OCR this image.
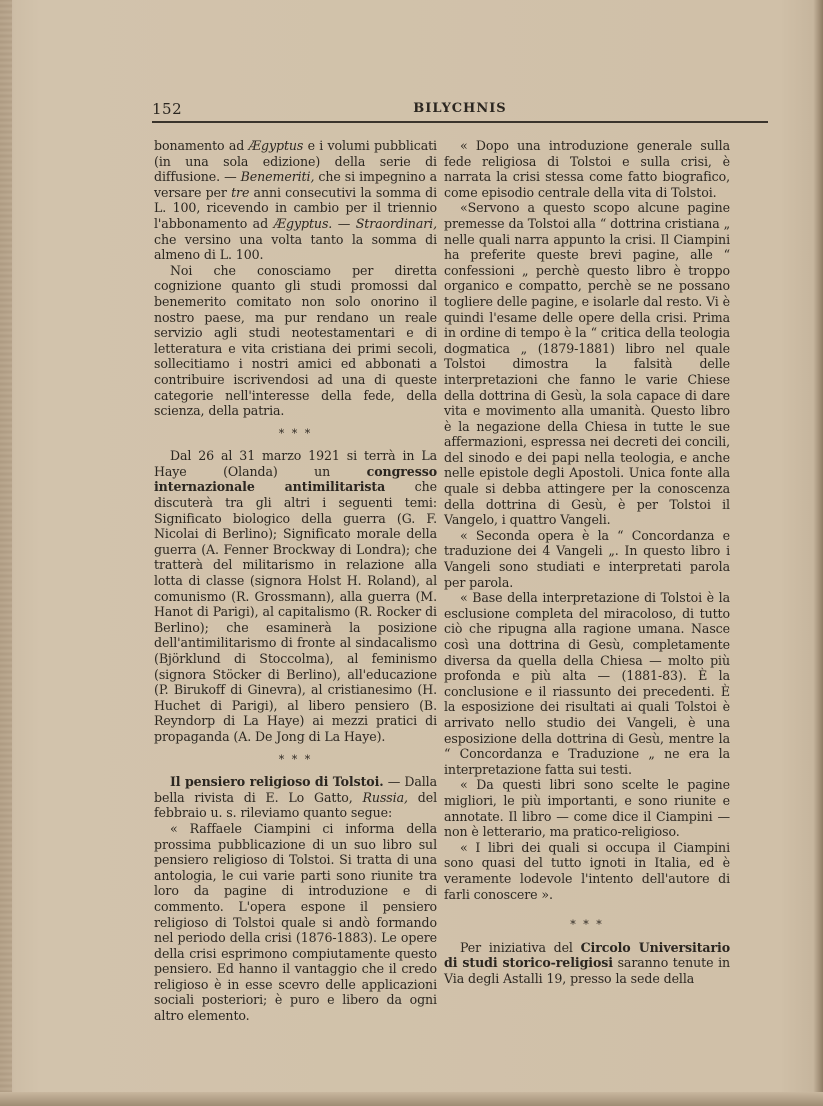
152	BILYCHNIS

bonamento ad Ægyptus e i volumi pubblicati (in una sola edizione) della serie di diffusione. — Benemeriti, che si impegnino a versare per tre anni consecutivi la somma di L. 100, ricevendo in cambio per il triennio l'abbonamento ad Ægyptus. — Straordinari, che versino una volta tanto la somma di almeno di L. 100.

Noi che conosciamo per diretta cognizione quanto gli studi promossi dal benemerito comitato non solo onorino il nostro paese, ma pur rendano un reale servizio agli studi neotestamentari e di letteratura e vita cristiana dei primi secoli, sollecitiamo i nostri amici ed abbonati a contribuire iscrivendosi ad una di queste categorie nell'interesse della fede, della scienza, della patria.

* * *

Dal 26 al 31 marzo 1921 si terrà in La Haye (Olanda) un congresso internazionale antimilitarista che discuterà tra gli altri i seguenti temi: Significato biologico della guerra (G. F. Nicolai di Berlino); Significato morale della guerra (A. Fenner Brockway di Londra); che tratterà del militarismo in relazione alla lotta di classe (signora Holst H. Roland), al comunismo (R. Grossmann), alla guerra (M. Hanot di Parigi), al capitalismo (R. Rocker di Berlino); che esaminerà la posizione dell'antimilitarismo di fronte al sindacalismo (Björklund di Stoccolma), al feminismo (signora Stöcker di Berlino), all'educazione (P. Birukoff di Ginevra), al cristianesimo (H. Huchet di Parigi), al libero pensiero (B. Reyndorp di La Haye) ai mezzi pratici di propaganda (A. De Jong di La Haye).

* * *

Il pensiero religioso di Tolstoi. — Dalla bella rivista di E. Lo Gatto, Russia, del febbraio u. s. rileviamo quanto segue:

« Raffaele Ciampini ci informa della prossima pubblicazione di un suo libro sul pensiero religioso di Tolstoi. Si tratta di una antologia, le cui varie parti sono riunite tra loro da pagine di introduzione e di commento. L'opera espone il pensiero religioso di Tolstoi quale si andò formando nel periodo della crisi (1876-1883). Le opere della crisi esprimono compiutamente questo pensiero. Ed hanno il vantaggio che il credo religioso è in esse scevro delle applicazioni sociali posteriori; è puro e libero da ogni altro elemento.

« Dopo una introduzione generale sulla fede religiosa di Tolstoi e sulla crisi, è narrata la crisi stessa come fatto biografico, come episodio centrale della vita di Tolstoi.

«Servono a questo scopo alcune pagine premesse da Tolstoi alla “ dottrina cristiana „ nelle quali narra appunto la crisi. Il Ciampini ha preferite queste brevi pagine, alle “ confessioni „ perchè questo libro è troppo organico e compatto, perchè se ne possano togliere delle pagine, e isolarle dal resto. Vi è quindi l'esame delle opere della crisi. Prima in ordine di tempo è la “ critica della teologia dogmatica „ (1879-1881) libro nel quale Tolstoi dimostra la falsità delle interpretazioni che fanno le varie Chiese della dottrina di Gesù, la sola capace di dare vita e movimento alla umanità. Questo libro è la negazione della Chiesa in tutte le sue affermazioni, espressa nei decreti dei concili, del sinodo e dei papi nella teologia, e anche nelle epistole degli Apostoli. Unica fonte alla quale si debba attingere per la conoscenza della dottrina di Gesù, è per Tolstoi il Vangelo, i quattro Vangeli.

« Seconda opera è la “ Concordanza e traduzione dei 4 Vangeli „. In questo libro i Vangeli sono studiati e interpretati parola per parola.

« Base della interpretazione di Tolstoi è la esclusione completa del miracoloso, di tutto ciò che ripugna alla ragione umana. Nasce così una dottrina di Gesù, completamente diversa da quella della Chiesa — molto più profonda e più alta — (1881-83). È la conclusione e il riassunto dei precedenti. È la esposizione dei risultati ai quali Tolstoi è arrivato nello studio dei Vangeli, è una esposizione della dottrina di Gesù, mentre la “ Concordanza e Traduzione „ ne era la interpretazione fatta sui testi.

« Da questi libri sono scelte le pagine migliori, le più importanti, e sono riunite e annotate. Il libro — come dice il Ciampini — non è letterario, ma pratico-religioso.

« I libri dei quali si occupa il Ciampini sono quasi del tutto ignoti in Italia, ed è veramente lodevole l'intento dell'autore di farli conoscere ».

* * *

Per iniziativa del Circolo Universitario di studi storico-religiosi saranno tenute in Via degli Astalli 19, presso la sede della
